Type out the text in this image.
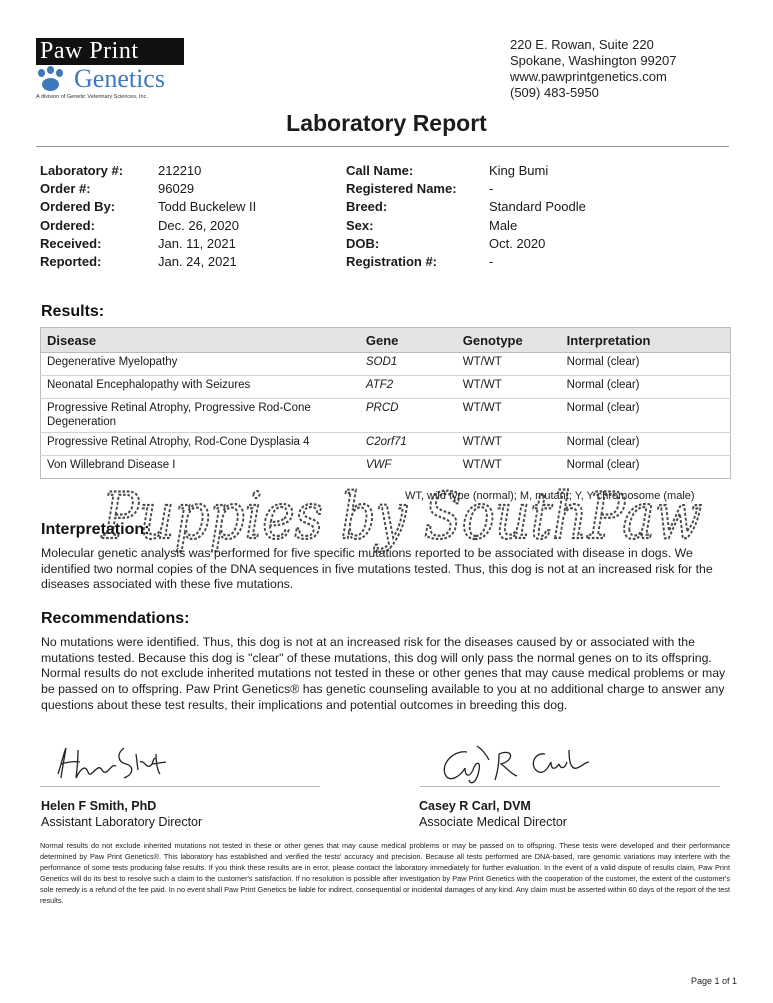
Paw Print
Genetics
A division of Genetic Veterinary Sciences, Inc.
220 E. Rowan, Suite 220
Spokane, Washington 99207
www.pawprintgenetics.com
(509) 483-5950
Laboratory Report
Laboratory #:	212210
Order #:	96029
Ordered By:	Todd Buckelew II
Ordered:	Dec. 26, 2020
Received:	Jan. 11, 2021
Reported:	Jan. 24, 2021
Call Name:	King Bumi
Registered Name:	-
Breed:	Standard Poodle
Sex:	Male
DOB:	Oct. 2020
Registration #:	-
Results:
Disease	Gene	Genotype	Interpretation
Degenerative Myelopathy	SOD1	WT/WT	Normal (clear)
Neonatal Encephalopathy with Seizures	ATF2	WT/WT	Normal (clear)
Progressive Retinal Atrophy, Progressive Rod-Cone Degeneration	PRCD	WT/WT	Normal (clear)
Progressive Retinal Atrophy, Rod-Cone Dysplasia 4	C2orf71	WT/WT	Normal (clear)
Von Willebrand Disease I	VWF	WT/WT	Normal (clear)
WT, wild type (normal); M, mutant; Y, Y chromosome (male)
Interpretation:
Molecular genetic analysis was performed for five specific mutations reported to be associated with disease in dogs. We identified two normal copies of the DNA sequences in five mutations tested. Thus, this dog is not at an increased risk for the diseases associated with these five mutations.
Recommendations:
No mutations were identified. Thus, this dog is not at an increased risk for the diseases caused by or associated with the mutations tested. Because this dog is "clear" of these mutations, this dog will only pass the normal genes on to its offspring. Normal results do not exclude inherited mutations not tested in these or other genes that may cause medical problems or may be passed on to offspring. Paw Print Genetics® has genetic counseling available to you at no additional charge to answer any questions about these test results, their implications and potential outcomes in breeding this dog.
Helen F Smith, PhD
Assistant Laboratory Director
Casey R Carl, DVM
Associate Medical Director
Normal results do not exclude inherited mutations not tested in these or other genes that may cause medical problems or may be passed on to offspring. These tests were developed and their performance determined by Paw Print Genetics®. This laboratory has established and verified the tests' accuracy and precision. Because all tests performed are DNA-based, rare genomic variations may interfere with the performance of some tests producing false results. If you think these results are in error, please contact the laboratory immediately for further evaluation. In the event of a valid dispute of results claim, Paw Print Genetics will do its best to resolve such a claim to the customer's satisfaction. If no resolution is possible after investigation by Paw Print Genetics with the cooperation of the customer, the extent of the customer's sole remedy is a refund of the fee paid. In no event shall Paw Print Genetics be liable for indirect, consequential or incidental damages of any kind. Any claim must be asserted within 60 days of the report of the test results.
Page 1 of 1
Puppies by SouthPaw
